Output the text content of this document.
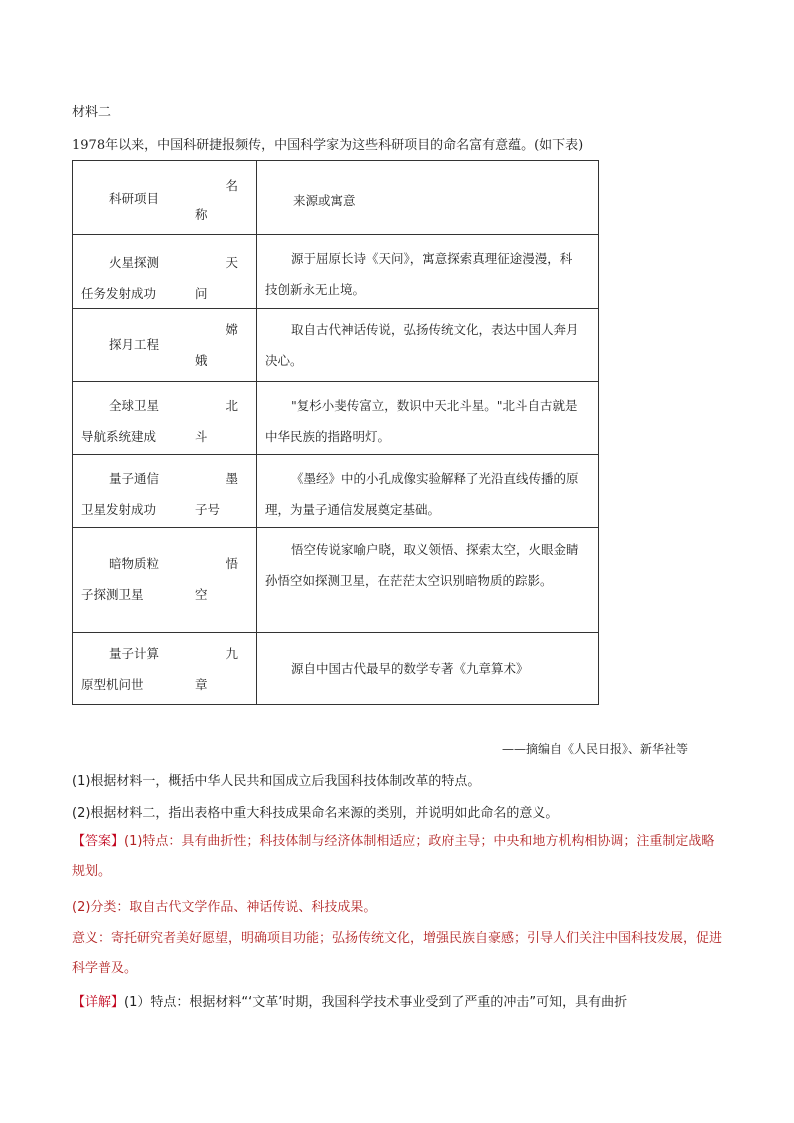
材料二
1978年以来，中国科研捷报频传，中国科学家为这些科研项目的命名富有意蕴。(如下表)
科研项目
名
称	来源或寓意

火星探测
任务发射成功
天
问	源于屈原长诗《天问》，寓意探索真理征途漫漫，科技创新永无止境。

探月工程
嫦
娥	取自古代神话传说，弘扬传统文化，表达中国人奔月决心。

全球卫星
导航系统建成
北
斗	"复杉小斐传富立，数识中天北斗星。"北斗自古就是中华民族的指路明灯。

量子通信
卫星发射成功
墨
子号	《墨经》中的小孔成像实验解释了光沿直线传播的原理，为量子通信发展奠定基础。

暗物质粒
子探测卫星
悟
空	悟空传说家喻户晓，取义领悟、探索太空，火眼金睛孙悟空如探测卫星，在茫茫太空识别暗物质的踪影。

量子计算
原型机问世
九
章	源自中国古代最早的数学专著《九章算术》
——摘编自《人民日报》、新华社等
(1)根据材料一，概括中华人民共和国成立后我国科技体制改革的特点。
(2)根据材料二，指出表格中重大科技成果命名来源的类别，并说明如此命名的意义。
【答案】(1)特点：具有曲折性；科技体制与经济体制相适应；政府主导；中央和地方机构相协调；注重制定战略规划。
(2)分类：取自古代文学作品、神话传说、科技成果。
意义：寄托研究者美好愿望，明确项目功能；弘扬传统文化，增强民族自豪感；引导人们关注中国科技发展，促进科学普及。
【详解】(1）特点：根据材料“‘文革’时期，我国科学技术事业受到了严重的冲击”可知，具有曲折
